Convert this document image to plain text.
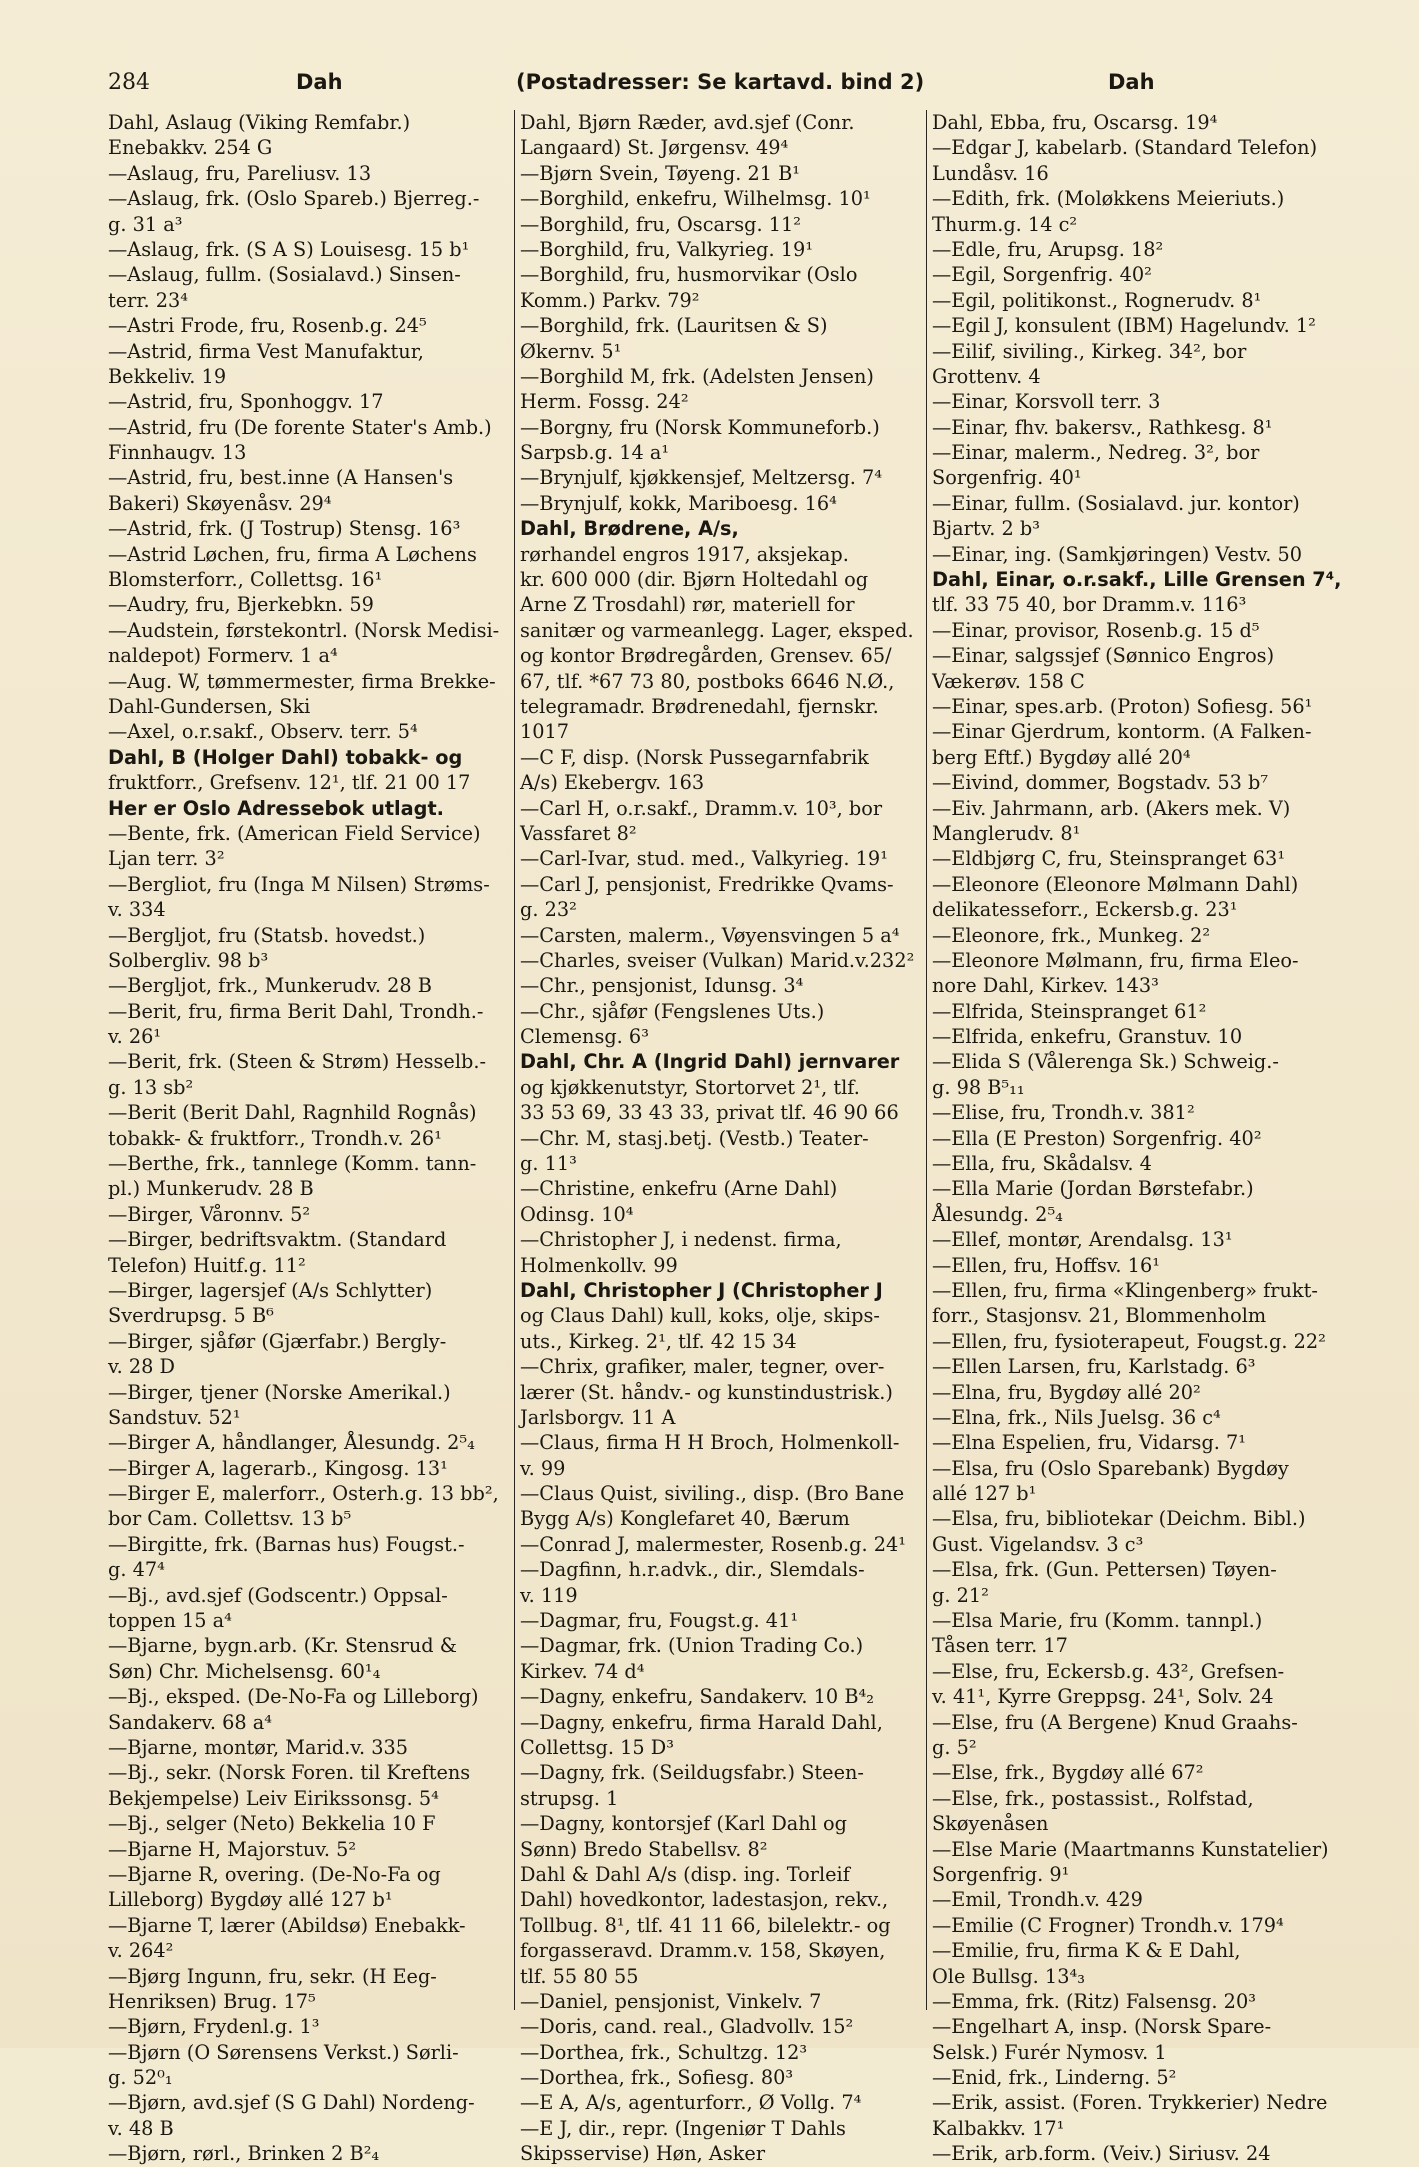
284	Dah	(Postadresser: Se kartavd. bind 2)	Dah
Dahl, Aslaug (Viking Remfabr.)
Enebakkv. 254 G
—Aslaug, fru, Pareliusv. 13
—Aslaug, frk. (Oslo Spareb.) Bjerreg.-
g. 31 a³
—Aslaug, frk. (S A S) Louisesg. 15 b¹
—Aslaug, fullm. (Sosialavd.) Sinsen-
terr. 23⁴
—Astri Frode, fru, Rosenb.g. 24⁵
—Astrid, firma Vest Manufaktur,
Bekkeliv. 19
—Astrid, fru, Sponhoggv. 17
—Astrid, fru (De forente Stater's Amb.)
Finnhaugv. 13
—Astrid, fru, best.inne (A Hansen's
Bakeri) Skøyenåsv. 29⁴
—Astrid, frk. (J Tostrup) Stensg. 16³
—Astrid Løchen, fru, firma A Løchens
Blomsterforr., Collettsg. 16¹
—Audry, fru, Bjerkebkn. 59
—Audstein, førstekontrl. (Norsk Medisi-
naldepot) Formerv. 1 a⁴
—Aug. W, tømmermester, firma Brekke-
Dahl-Gundersen, Ski
—Axel, o.r.sakf., Observ. terr. 5⁴
Dahl, B (Holger Dahl) tobakk- og
fruktforr., Grefsenv. 12¹, tlf. 21 00 17
Her er Oslo Adressebok utlagt.
—Bente, frk. (American Field Service)
Ljan terr. 3²
—Bergliot, fru (Inga M Nilsen) Strøms-
v. 334
—Bergljot, fru (Statsb. hovedst.)
Solbergliv. 98 b³
—Bergljot, frk., Munkerudv. 28 B
—Berit, fru, firma Berit Dahl, Trondh.-
v. 26¹
—Berit, frk. (Steen & Strøm) Hesselb.-
g. 13 sb²
—Berit (Berit Dahl, Ragnhild Rognås)
tobakk- & fruktforr., Trondh.v. 26¹
—Berthe, frk., tannlege (Komm. tann-
pl.) Munkerudv. 28 B
—Birger, Våronnv. 5²
—Birger, bedriftsvaktm. (Standard
Telefon) Huitf.g. 11²
—Birger, lagersjef (A/s Schlytter)
Sverdrupsg. 5 B⁶
—Birger, sjåfør (Gjærfabr.) Bergly-
v. 28 D
—Birger, tjener (Norske Amerikal.)
Sandstuv. 52¹
—Birger A, håndlanger, Ålesundg. 2⁵₄
—Birger A, lagerarb., Kingosg. 13¹
—Birger E, malerforr., Osterh.g. 13 bb²,
bor Cam. Collettsv. 13 b⁵
—Birgitte, frk. (Barnas hus) Fougst.-
g. 47⁴
—Bj., avd.sjef (Godscentr.) Oppsal-
toppen 15 a⁴
—Bjarne, bygn.arb. (Kr. Stensrud &
Søn) Chr. Michelsensg. 60¹₄
—Bj., eksped. (De-No-Fa og Lilleborg)
Sandakerv. 68 a⁴
—Bjarne, montør, Marid.v. 335
—Bj., sekr. (Norsk Foren. til Kreftens
Bekjempelse) Leiv Eirikssonsg. 5⁴
—Bj., selger (Neto) Bekkelia 10 F
—Bjarne H, Majorstuv. 5²
—Bjarne R, overing. (De-No-Fa og
Lilleborg) Bygdøy allé 127 b¹
—Bjarne T, lærer (Abildsø) Enebakk-
v. 264²
—Bjørg Ingunn, fru, sekr. (H Eeg-
Henriksen) Brug. 17⁵
—Bjørn, Frydenl.g. 1³
—Bjørn (O Sørensens Verkst.) Sørli-
g. 52⁰₁
—Bjørn, avd.sjef (S G Dahl) Nordeng-
v. 48 B
—Bjørn, rørl., Brinken 2 B²₄
Dahl, Bjørn Ræder, avd.sjef (Conr.
Langaard) St. Jørgensv. 49⁴
—Bjørn Svein, Tøyeng. 21 B¹
—Borghild, enkefru, Wilhelmsg. 10¹
—Borghild, fru, Oscarsg. 11²
—Borghild, fru, Valkyrieg. 19¹
—Borghild, fru, husmorvikar (Oslo
Komm.) Parkv. 79²
—Borghild, frk. (Lauritsen & S)
Økernv. 5¹
—Borghild M, frk. (Adelsten Jensen)
Herm. Fossg. 24²
—Borgny, fru (Norsk Kommuneforb.)
Sarpsb.g. 14 a¹
—Brynjulf, kjøkkensjef, Meltzersg. 7⁴
—Brynjulf, kokk, Mariboesg. 16⁴
Dahl, Brødrene, A/s,
rørhandel engros 1917, aksjekap.
kr. 600 000 (dir. Bjørn Holtedahl og
Arne Z Trosdahl) rør, materiell for
sanitær og varmeanlegg. Lager, eksped.
og kontor Brødregården, Grensev. 65/
67, tlf. *67 73 80, postboks 6646 N.Ø.,
telegramadr. Brødrenedahl, fjernskr.
1017
—C F, disp. (Norsk Pussegarnfabrik
A/s) Ekebergv. 163
—Carl H, o.r.sakf., Dramm.v. 10³, bor
Vassfaret 8²
—Carl-Ivar, stud. med., Valkyrieg. 19¹
—Carl J, pensjonist, Fredrikke Qvams-
g. 23²
—Carsten, malerm., Vøyensvingen 5 a⁴
—Charles, sveiser (Vulkan) Marid.v.232²
—Chr., pensjonist, Idunsg. 3⁴
—Chr., sjåfør (Fengslenes Uts.)
Clemensg. 6³
Dahl, Chr. A (Ingrid Dahl) jernvarer
og kjøkkenutstyr, Stortorvet 2¹, tlf.
33 53 69, 33 43 33, privat tlf. 46 90 66
—Chr. M, stasj.betj. (Vestb.) Teater-
g. 11³
—Christine, enkefru (Arne Dahl)
Odinsg. 10⁴
—Christopher J, i nedenst. firma,
Holmenkollv. 99
Dahl, Christopher J (Christopher J
og Claus Dahl) kull, koks, olje, skips-
uts., Kirkeg. 2¹, tlf. 42 15 34
—Chrix, grafiker, maler, tegner, over-
lærer (St. håndv.- og kunstindustrisk.)
Jarlsborgv. 11 A
—Claus, firma H H Broch, Holmenkoll-
v. 99
—Claus Quist, siviling., disp. (Bro Bane
Bygg A/s) Konglefaret 40, Bærum
—Conrad J, malermester, Rosenb.g. 24¹
—Dagfinn, h.r.advk., dir., Slemdals-
v. 119
—Dagmar, fru, Fougst.g. 41¹
—Dagmar, frk. (Union Trading Co.)
Kirkev. 74 d⁴
—Dagny, enkefru, Sandakerv. 10 B⁴₂
—Dagny, enkefru, firma Harald Dahl,
Collettsg. 15 D³
—Dagny, frk. (Seildugsfabr.) Steen-
strupsg. 1
—Dagny, kontorsjef (Karl Dahl og
Sønn) Bredo Stabellsv. 8²
Dahl & Dahl A/s (disp. ing. Torleif
Dahl) hovedkontor, ladestasjon, rekv.,
Tollbug. 8¹, tlf. 41 11 66, bilelektr.- og
forgasseravd. Dramm.v. 158, Skøyen,
tlf. 55 80 55
—Daniel, pensjonist, Vinkelv. 7
—Doris, cand. real., Gladvollv. 15²
—Dorthea, frk., Schultzg. 12³
—Dorthea, frk., Sofiesg. 80³
—E A, A/s, agenturforr., Ø Vollg. 7⁴
—E J, dir., repr. (Ingeniør T Dahls
Skipsservise) Høn, Asker
Dahl, Ebba, fru, Oscarsg. 19⁴
—Edgar J, kabelarb. (Standard Telefon)
Lundåsv. 16
—Edith, frk. (Moløkkens Meieriuts.)
Thurm.g. 14 c²
—Edle, fru, Arupsg. 18²
—Egil, Sorgenfrig. 40²
—Egil, politikonst., Rognerudv. 8¹
—Egil J, konsulent (IBM) Hagelundv. 1²
—Eilif, siviling., Kirkeg. 34², bor
Grottenv. 4
—Einar, Korsvoll terr. 3
—Einar, fhv. bakersv., Rathkesg. 8¹
—Einar, malerm., Nedreg. 3², bor
Sorgenfrig. 40¹
—Einar, fullm. (Sosialavd. jur. kontor)
Bjartv. 2 b³
—Einar, ing. (Samkjøringen) Vestv. 50
Dahl, Einar, o.r.sakf., Lille Grensen 7⁴,
tlf. 33 75 40, bor Dramm.v. 116³
—Einar, provisor, Rosenb.g. 15 d⁵
—Einar, salgssjef (Sønnico Engros)
Vækerøv. 158 C
—Einar, spes.arb. (Proton) Sofiesg. 56¹
—Einar Gjerdrum, kontorm. (A Falken-
berg Eftf.) Bygdøy allé 20⁴
—Eivind, dommer, Bogstadv. 53 b⁷
—Eiv. Jahrmann, arb. (Akers mek. V)
Manglerudv. 8¹
—Eldbjørg C, fru, Steinspranget 63¹
—Eleonore (Eleonore Mølmann Dahl)
delikatesseforr., Eckersb.g. 23¹
—Eleonore, frk., Munkeg. 2²
—Eleonore Mølmann, fru, firma Eleo-
nore Dahl, Kirkev. 143³
—Elfrida, Steinspranget 61²
—Elfrida, enkefru, Granstuv. 10
—Elida S (Vålerenga Sk.) Schweig.-
g. 98 B⁵₁₁
—Elise, fru, Trondh.v. 381²
—Ella (E Preston) Sorgenfrig. 40²
—Ella, fru, Skådalsv. 4
—Ella Marie (Jordan Børstefabr.)
Ålesundg. 2⁵₄
—Ellef, montør, Arendalsg. 13¹
—Ellen, fru, Hoffsv. 16¹
—Ellen, fru, firma «Klingenberg» frukt-
forr., Stasjonsv. 21, Blommenholm
—Ellen, fru, fysioterapeut, Fougst.g. 22²
—Ellen Larsen, fru, Karlstadg. 6³
—Elna, fru, Bygdøy allé 20²
—Elna, frk., Nils Juelsg. 36 c⁴
—Elna Espelien, fru, Vidarsg. 7¹
—Elsa, fru (Oslo Sparebank) Bygdøy
allé 127 b¹
—Elsa, fru, bibliotekar (Deichm. Bibl.)
Gust. Vigelandsv. 3 c³
—Elsa, frk. (Gun. Pettersen) Tøyen-
g. 21²
—Elsa Marie, fru (Komm. tannpl.)
Tåsen terr. 17
—Else, fru, Eckersb.g. 43², Grefsen-
v. 41¹, Kyrre Greppsg. 24¹, Solv. 24
—Else, fru (A Bergene) Knud Graahs-
g. 5²
—Else, frk., Bygdøy allé 67²
—Else, frk., postassist., Rolfstad,
Skøyenåsen
—Else Marie (Maartmanns Kunstatelier)
Sorgenfrig. 9¹
—Emil, Trondh.v. 429
—Emilie (C Frogner) Trondh.v. 179⁴
—Emilie, fru, firma K & E Dahl,
Ole Bullsg. 13⁴₃
—Emma, frk. (Ritz) Falsensg. 20³
—Engelhart A, insp. (Norsk Spare-
Selsk.) Furér Nymosv. 1
—Enid, frk., Linderng. 5²
—Erik, assist. (Foren. Trykkerier) Nedre
Kalbakkv. 17¹
—Erik, arb.form. (Veiv.) Siriusv. 24
